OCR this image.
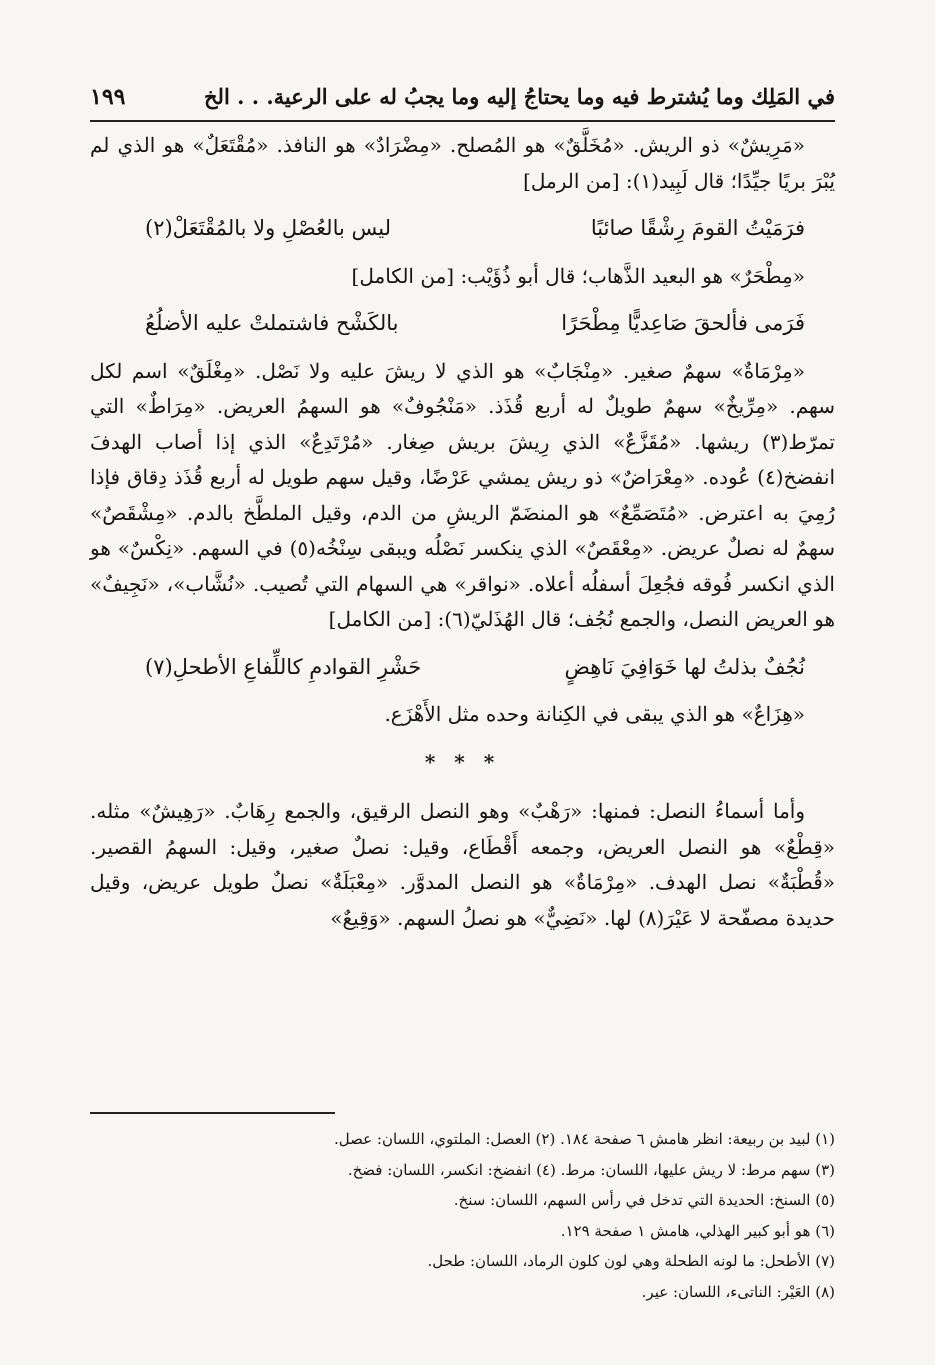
في المَلِك وما يُشترط فيه وما يحتاجُ إليه وما يجبُ له على الرعية. . . الخ
١٩٩

«مَرِيشٌ» ذو الريش. «مُخَلَّقٌ» هو المُصلح. «مِضْرَادٌ» هو النافذ. «مُقْتَعَلٌ» هو الذي لم يُبْرَ بريًا جيِّدًا؛ قال لَبِيد(١): [من الرمل]

فرَمَيْتُ القومَ رِشْقًا صائبًا
ليس بالعُصْلِ ولا بالمُقْتَعَلْ(٢)

«مِطْحَرٌ» هو البعيد الذَّهاب؛ قال أبو ذُؤَيْب: [من الكامل]

فَرَمى فألحقَ صَاعِديًّا مِطْحَرًا
بالكَشْح فاشتملتْ عليه الأضلُعُ

«مِرْمَاةٌ» سهمٌ صغير. «مِنْجَابٌ» هو الذي لا ريشَ عليه ولا نَصْل. «مِغْلَقٌ» اسم لكل سهم. «مِرِّيخٌ» سهمٌ طويلٌ له أربع قُذَذ. «مَنْجُوفٌ» هو السهمُ العريض. «مِرَاطٌ» التي تمرّط(٣) ريشها. «مُقَزَّعٌ» الذي رِيشَ بريش صِغار. «مُرْتَدِعٌ» الذي إذا أصاب الهدفَ انفضخ(٤) عُوده. «مِعْرَاضٌ» ذو ريش يمشي عَرْضًا، وقيل سهم طويل له أربع قُذَذ دِقاق فإذا رُمِيَ به اعترض. «مُتَصَمِّعٌ» هو المنضَمّ الريشِ من الدم، وقيل الملطَّخ بالدم. «مِشْقَصٌ» سهمٌ له نصلٌ عريض. «مِعْقَصٌ» الذي ينكسر نَصْلُه ويبقى سِنْخُه(٥) في السهم. «نِكْسٌ» هو الذي انكسر فُوقه فجُعِلَ أسفلُه أعلاه. «نواقر» هي السهام التي تُصيب. «نُشَّاب»، «نَجِيفٌ» هو العريض النصل، والجمع نُجُف؛ قال الهُذَليّ(٦): [من الكامل]

نُجُفٌ بذلتُ لها خَوَافِيَ نَاهِضٍ
حَشْرِ القوادمِ كاللِّفاعِ الأطحلِ(٧)

«هِزَاعٌ» هو الذي يبقى في الكِنانة وحده مثل الأَهْزَع.

* * *

وأما أسماءُ النصل: فمنها: «رَهْبٌ» وهو النصل الرقيق، والجمع رِهَابٌ. «رَهِيشٌ» مثله. «قِطْعٌ» هو النصل العريض، وجمعه أَقْطَاع، وقيل: نصلٌ صغير، وقيل: السهمُ القصير. «قُطْبَةٌ» نصل الهدف. «مِرْمَاةٌ» هو النصل المدوَّر. «مِعْبَلَةٌ» نصلٌ طويل عريض، وقيل حديدة مصفّحة لا عَيْرَ(٨) لها. «نَضِيٌّ» هو نصلُ السهم. «وَقِيعٌ»

(١) لبيد بن ربيعة: انظر هامش ٦ صفحة ١٨٤. (٢) العصل: الملتوي، اللسان: عصل.

(٣) سهم مرط: لا ريش عليها، اللسان: مرط. (٤) انفضخ: انكسر، اللسان: فضخ.

(٥) السنخ: الحديدة التي تدخل في رأس السهم، اللسان: سنخ.

(٦) هو أبو كبير الهذلي، هامش ١ صفحة ١٢٩.

(٧) الأطحل: ما لونه الطحلة وهي لون كلون الرماد، اللسان: طحل.

(٨) العَيْر: الناتىء، اللسان: عير.
